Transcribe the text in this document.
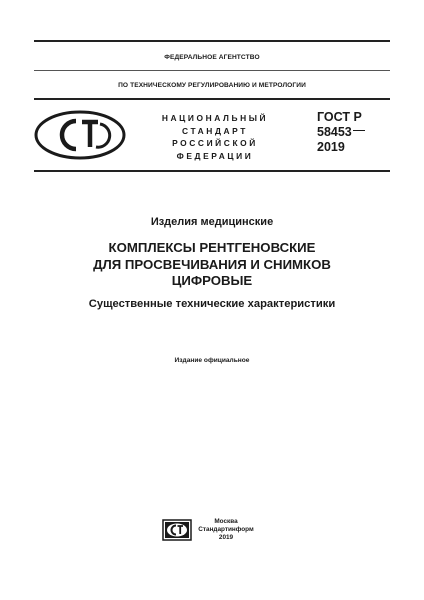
ФЕДЕРАЛЬНОЕ АГЕНТСТВО
ПО ТЕХНИЧЕСКОМУ РЕГУЛИРОВАНИЮ И МЕТРОЛОГИИ
НАЦИОНАЛЬНЫЙ
СТАНДАРТ
РОССИЙСКОЙ
ФЕДЕРАЦИИ
ГОСТ Р
58453
2019
Изделия медицинские
КОМПЛЕКСЫ РЕНТГЕНОВСКИЕ
ДЛЯ ПРОСВЕЧИВАНИЯ И СНИМКОВ
ЦИФРОВЫЕ
Существенные технические характеристики
Издание официальное
Москва
Стандартинформ
2019
